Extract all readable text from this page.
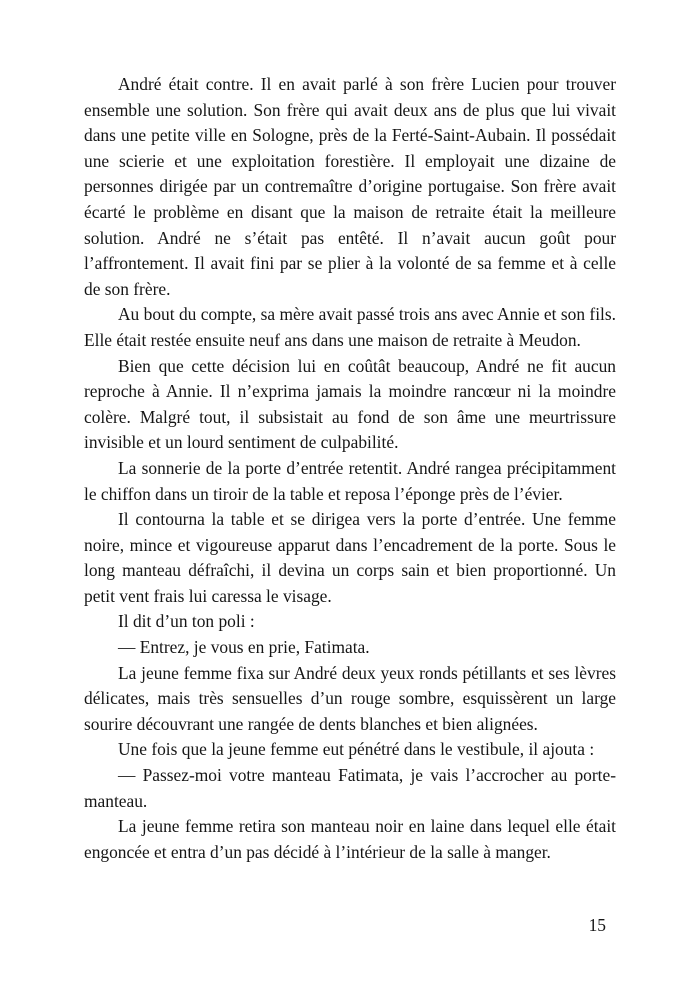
André était contre. Il en avait parlé à son frère Lucien pour trouver ensemble une solution. Son frère qui avait deux ans de plus que lui vivait dans une petite ville en Sologne, près de la Ferté-Saint-Aubain. Il possédait une scierie et une exploitation forestière. Il employait une dizaine de personnes dirigée par un contremaître d’origine portugaise. Son frère avait écarté le problème en disant que la maison de retraite était la meilleure solution. André ne s’était pas entêté. Il n’avait aucun goût pour l’affrontement. Il avait fini par se plier à la volonté de sa femme et à celle de son frère.

Au bout du compte, sa mère avait passé trois ans avec Annie et son fils. Elle était restée ensuite neuf ans dans une maison de retraite à Meudon.

Bien que cette décision lui en coûtât beaucoup, André ne fit aucun reproche à Annie. Il n’exprima jamais la moindre rancœur ni la moindre colère. Malgré tout, il subsistait au fond de son âme une meurtrissure invisible et un lourd sentiment de culpabilité.

La sonnerie de la porte d’entrée retentit. André rangea précipitamment le chiffon dans un tiroir de la table et reposa l’éponge près de l’évier.

Il contourna la table et se dirigea vers la porte d’entrée. Une femme noire, mince et vigoureuse apparut dans l’encadrement de la porte. Sous le long manteau défraîchi, il devina un corps sain et bien proportionné. Un petit vent frais lui caressa le visage.

Il dit d’un ton poli :

— Entrez, je vous en prie, Fatimata.

La jeune femme fixa sur André deux yeux ronds pétillants et ses lèvres délicates, mais très sensuelles d’un rouge sombre, esquissèrent un large sourire découvrant une rangée de dents blanches et bien alignées.

Une fois que la jeune femme eut pénétré dans le vestibule, il ajouta :

— Passez-moi votre manteau Fatimata, je vais l’accrocher au porte-manteau.

La jeune femme retira son manteau noir en laine dans lequel elle était engoncée et entra d’un pas décidé à l’intérieur de la salle à manger.

15
